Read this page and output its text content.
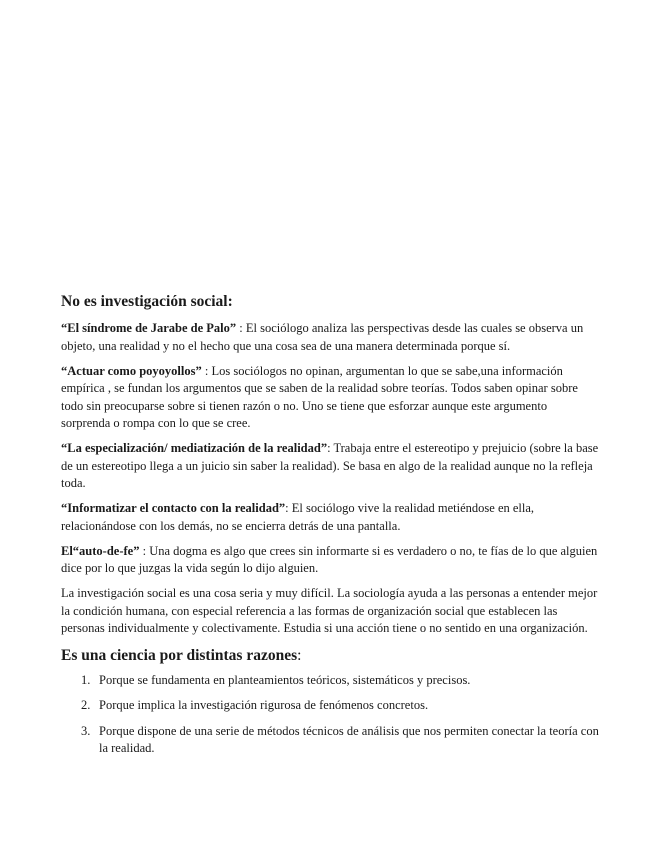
No es investigación social:

“El síndrome de Jarabe de Palo” : El sociólogo analiza las perspectivas desde las cuales se observa un objeto, una realidad y no el hecho que una cosa sea de una manera determinada porque sí.

“Actuar como poyoyollos” : Los sociólogos no opinan, argumentan lo que se sabe,una información empírica , se fundan los argumentos que se saben de la realidad sobre teorías. Todos saben opinar sobre todo sin preocuparse sobre si tienen razón o no. Uno se tiene que esforzar aunque este argumento sorprenda o rompa con lo que se cree.

“La especialización/ mediatización de la realidad”: Trabaja entre el estereotipo y prejuicio (sobre la base de un estereotipo llega a un juicio sin saber la realidad). Se basa en algo de la realidad aunque no la refleja toda.

“Informatizar el contacto con la realidad”: El sociólogo vive la realidad metiéndose en ella, relacionándose con los demás, no se encierra detrás de una pantalla.

El“auto-de-fe” : Una dogma es algo que crees sin informarte si es verdadero o no, te fías de lo que alguien dice por lo que juzgas la vida según lo dijo alguien.

La investigación social es una cosa seria y muy difícil. La sociología ayuda a las personas a entender mejor la condición humana, con especial referencia a las formas de organización social que establecen las personas individualmente y colectivamente. Estudia si una acción tiene o no sentido en una organización.

Es una ciencia por distintas razones:
1. Porque se fundamenta en planteamientos teóricos, sistemáticos y precisos.
2. Porque implica la investigación rigurosa de fenómenos concretos.
3. Porque dispone de una serie de métodos técnicos de análisis que nos permiten conectar la teoría con la realidad.
